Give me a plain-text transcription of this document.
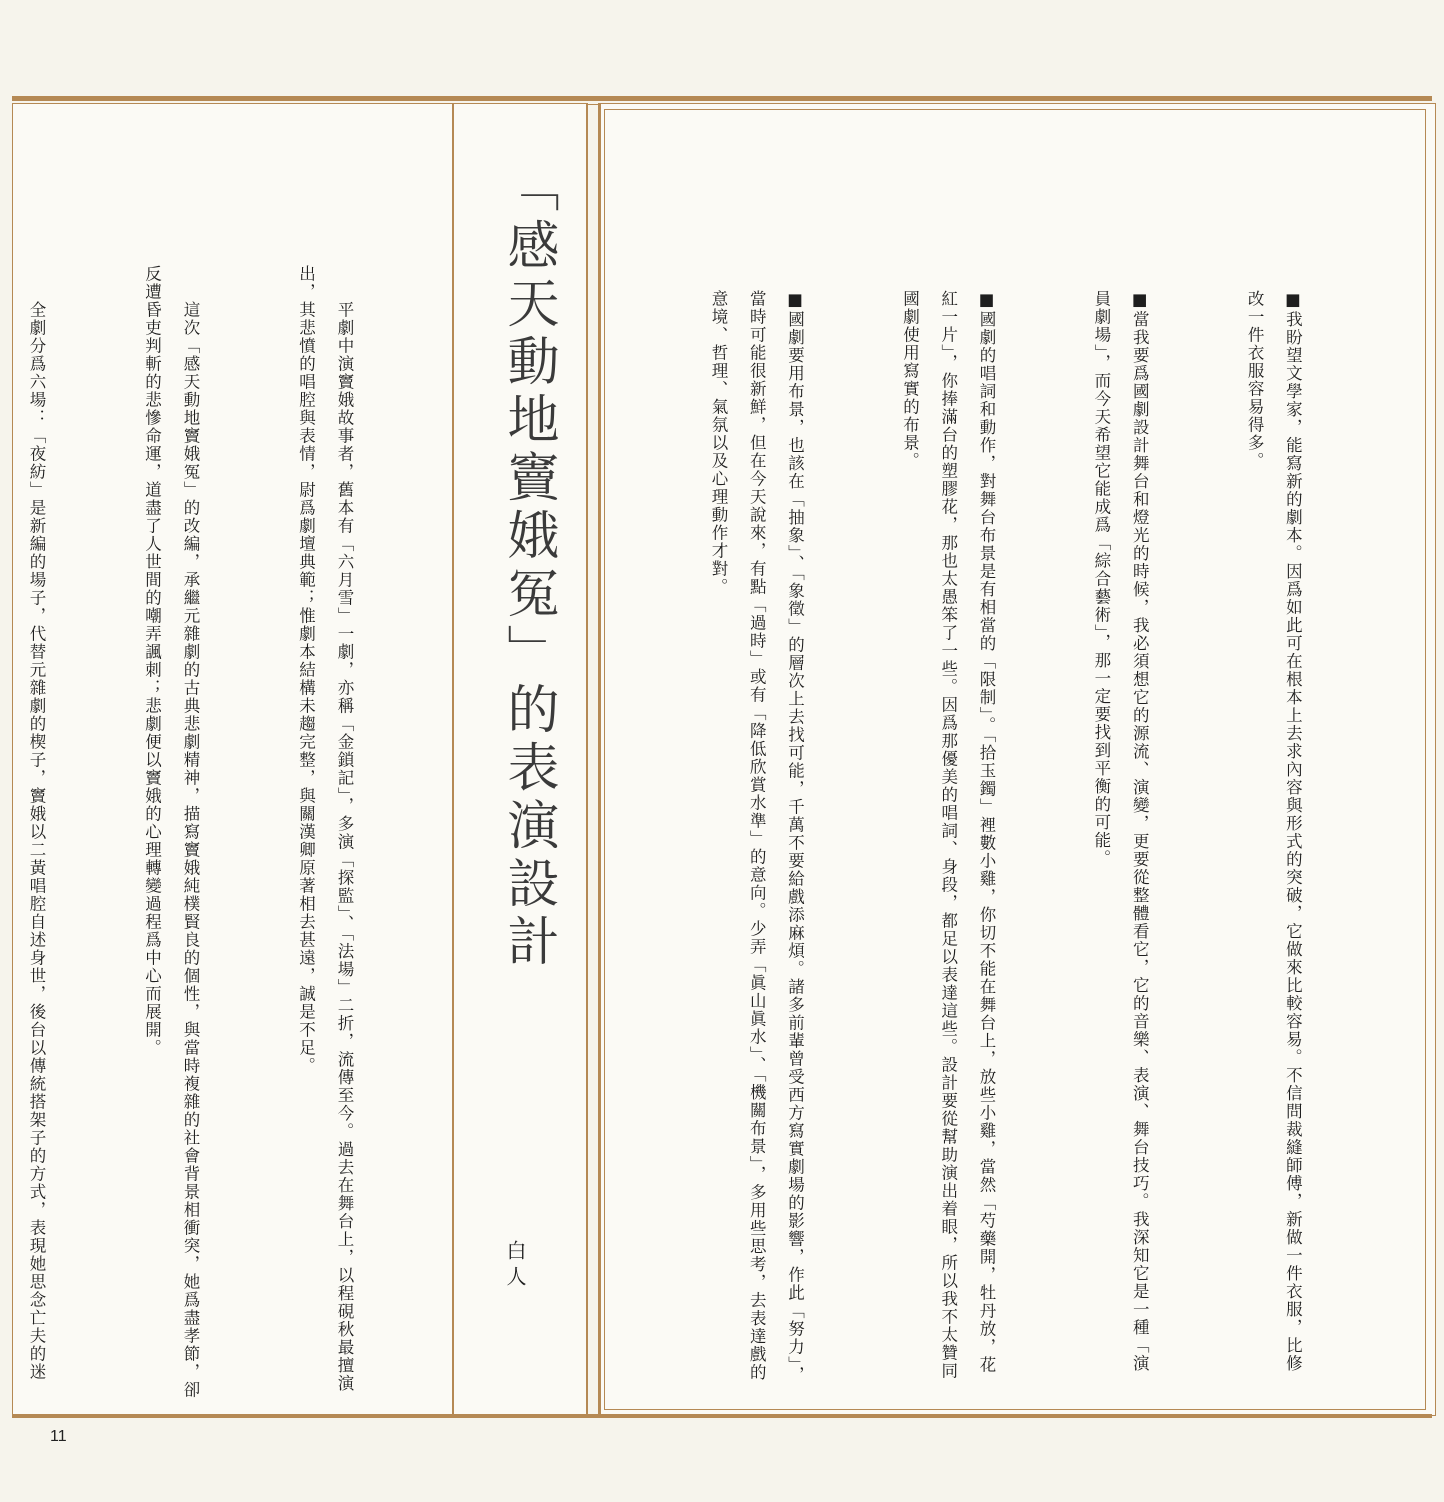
「感天動地竇娥冤」的表演設計
白人

　　平劇中演竇娥故事者，舊本有「六月雪」一劇，亦稱「金鎖記」，多演「探監」、「法場」二折，流傳至今。過去在舞台上，以程硯秋最擅演出，其悲憤的唱腔與表情，尉爲劇壇典範；惟劇本結構未趨完整，與關漢卿原著相去甚遠，誠是不足。

　　這次「感天動地竇娥冤」的改編，承繼元雜劇的古典悲劇精神，描寫竇娥純樸賢良的個性，與當時複雜的社會背景相衝突，她爲盡孝節，卻反遭昏吏判斬的悲慘命運，道盡了人世間的嘲弄諷刺；悲劇便以竇娥的心理轉變過程爲中心而展開。

　　全劇分爲六場：「夜紡」是新編的場子，代替元雜劇的楔子，竇娥以二黃唱腔自述身世，後台以傳統搭架子的方式，表現她思念亡夫的迷

	■我盼望文學家，能寫新的劇本。因爲如此可在根本上去求內容與形式的突破，它做來比較容易。不信問裁縫師傅，新做一件衣服，比修改一件衣服容易得多。

■當我要爲國劇設計舞台和燈光的時候，我必須想它的源流、演變，更要從整體看它，它的音樂、表演、舞台技巧。我深知它是一種「演員劇場」，而今天希望它能成爲「綜合藝術」，那一定要找到平衡的可能。

■國劇的唱詞和動作，對舞台布景是有相當的「限制」。「拾玉鐲」裡數小雞，你切不能在舞台上，放些小雞，當然「芍藥開，牡丹放，花紅一片」，你捧滿台的塑膠花，那也太愚笨了一些。因爲那優美的唱詞、身段，都足以表達這些。設計要從幫助演出着眼，所以我不太贊同國劇使用寫實的布景。

■國劇要用布景，也該在「抽象」、「象徵」的層次上去找可能，千萬不要給戲添麻煩。諸多前輩曾受西方寫實劇場的影響，作此「努力」，當時可能很新鮮，但在今天說來，有點「過時」或有「降低欣賞水準」的意向。少弄「眞山眞水」、「機關布景」，多用些思考，去表達戲的意境、哲理、氣氛以及心理動作才對。

11
